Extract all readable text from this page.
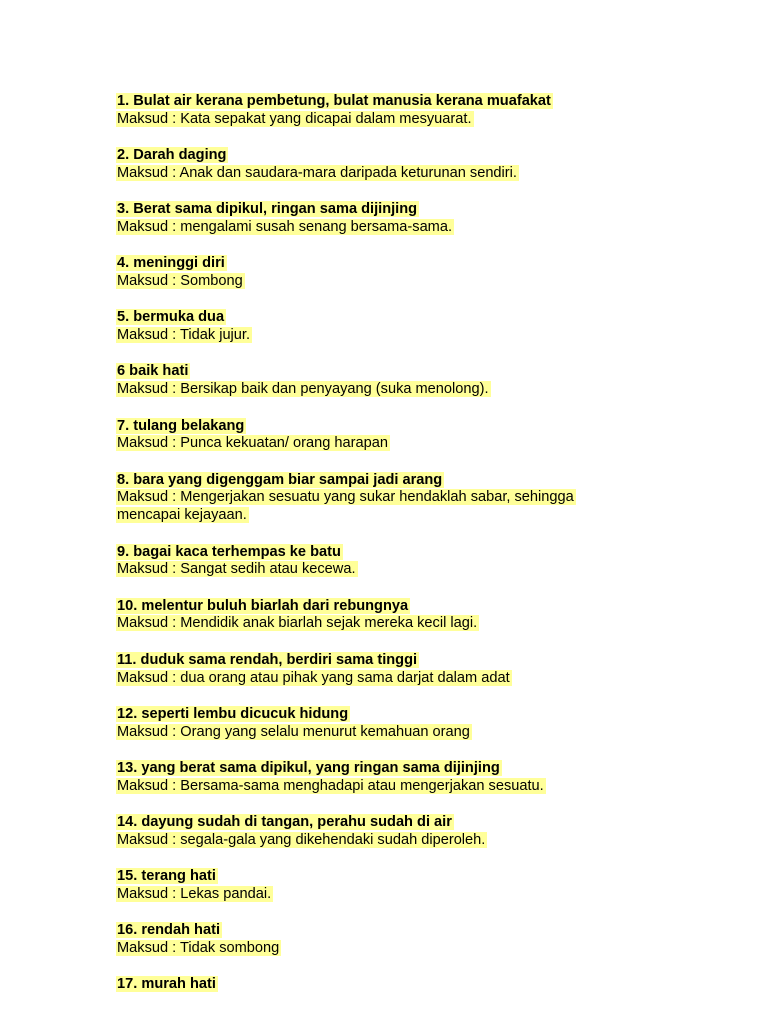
1. Bulat air kerana pembetung, bulat manusia kerana muafakat
Maksud : Kata sepakat yang dicapai dalam mesyuarat.
2. Darah daging
Maksud : Anak dan saudara-mara daripada keturunan sendiri.
3. Berat sama dipikul, ringan sama dijinjing
Maksud : mengalami susah senang bersama-sama.
4. meninggi diri
Maksud : Sombong
5. bermuka dua
Maksud : Tidak jujur.
6 baik hati
Maksud : Bersikap baik dan penyayang (suka menolong).
7. tulang belakang
Maksud : Punca kekuatan/ orang harapan
8. bara yang digenggam biar sampai jadi arang
Maksud : Mengerjakan sesuatu yang sukar hendaklah sabar, sehingga mencapai kejayaan.
9. bagai kaca terhempas ke batu
Maksud : Sangat sedih atau kecewa.
10. melentur buluh biarlah dari rebungnya
Maksud : Mendidik anak biarlah sejak mereka kecil lagi.
11. duduk sama rendah, berdiri sama tinggi
Maksud : dua orang atau pihak yang sama darjat dalam adat
12. seperti lembu dicucuk hidung
Maksud : Orang yang selalu menurut kemahuan orang
13. yang berat sama dipikul, yang ringan sama dijinjing
Maksud : Bersama-sama menghadapi atau mengerjakan sesuatu.
14. dayung sudah di tangan, perahu sudah di air
Maksud : segala-gala yang dikehendaki sudah diperoleh.
15. terang hati
Maksud : Lekas pandai.
16. rendah hati
Maksud : Tidak sombong
17. murah hati
